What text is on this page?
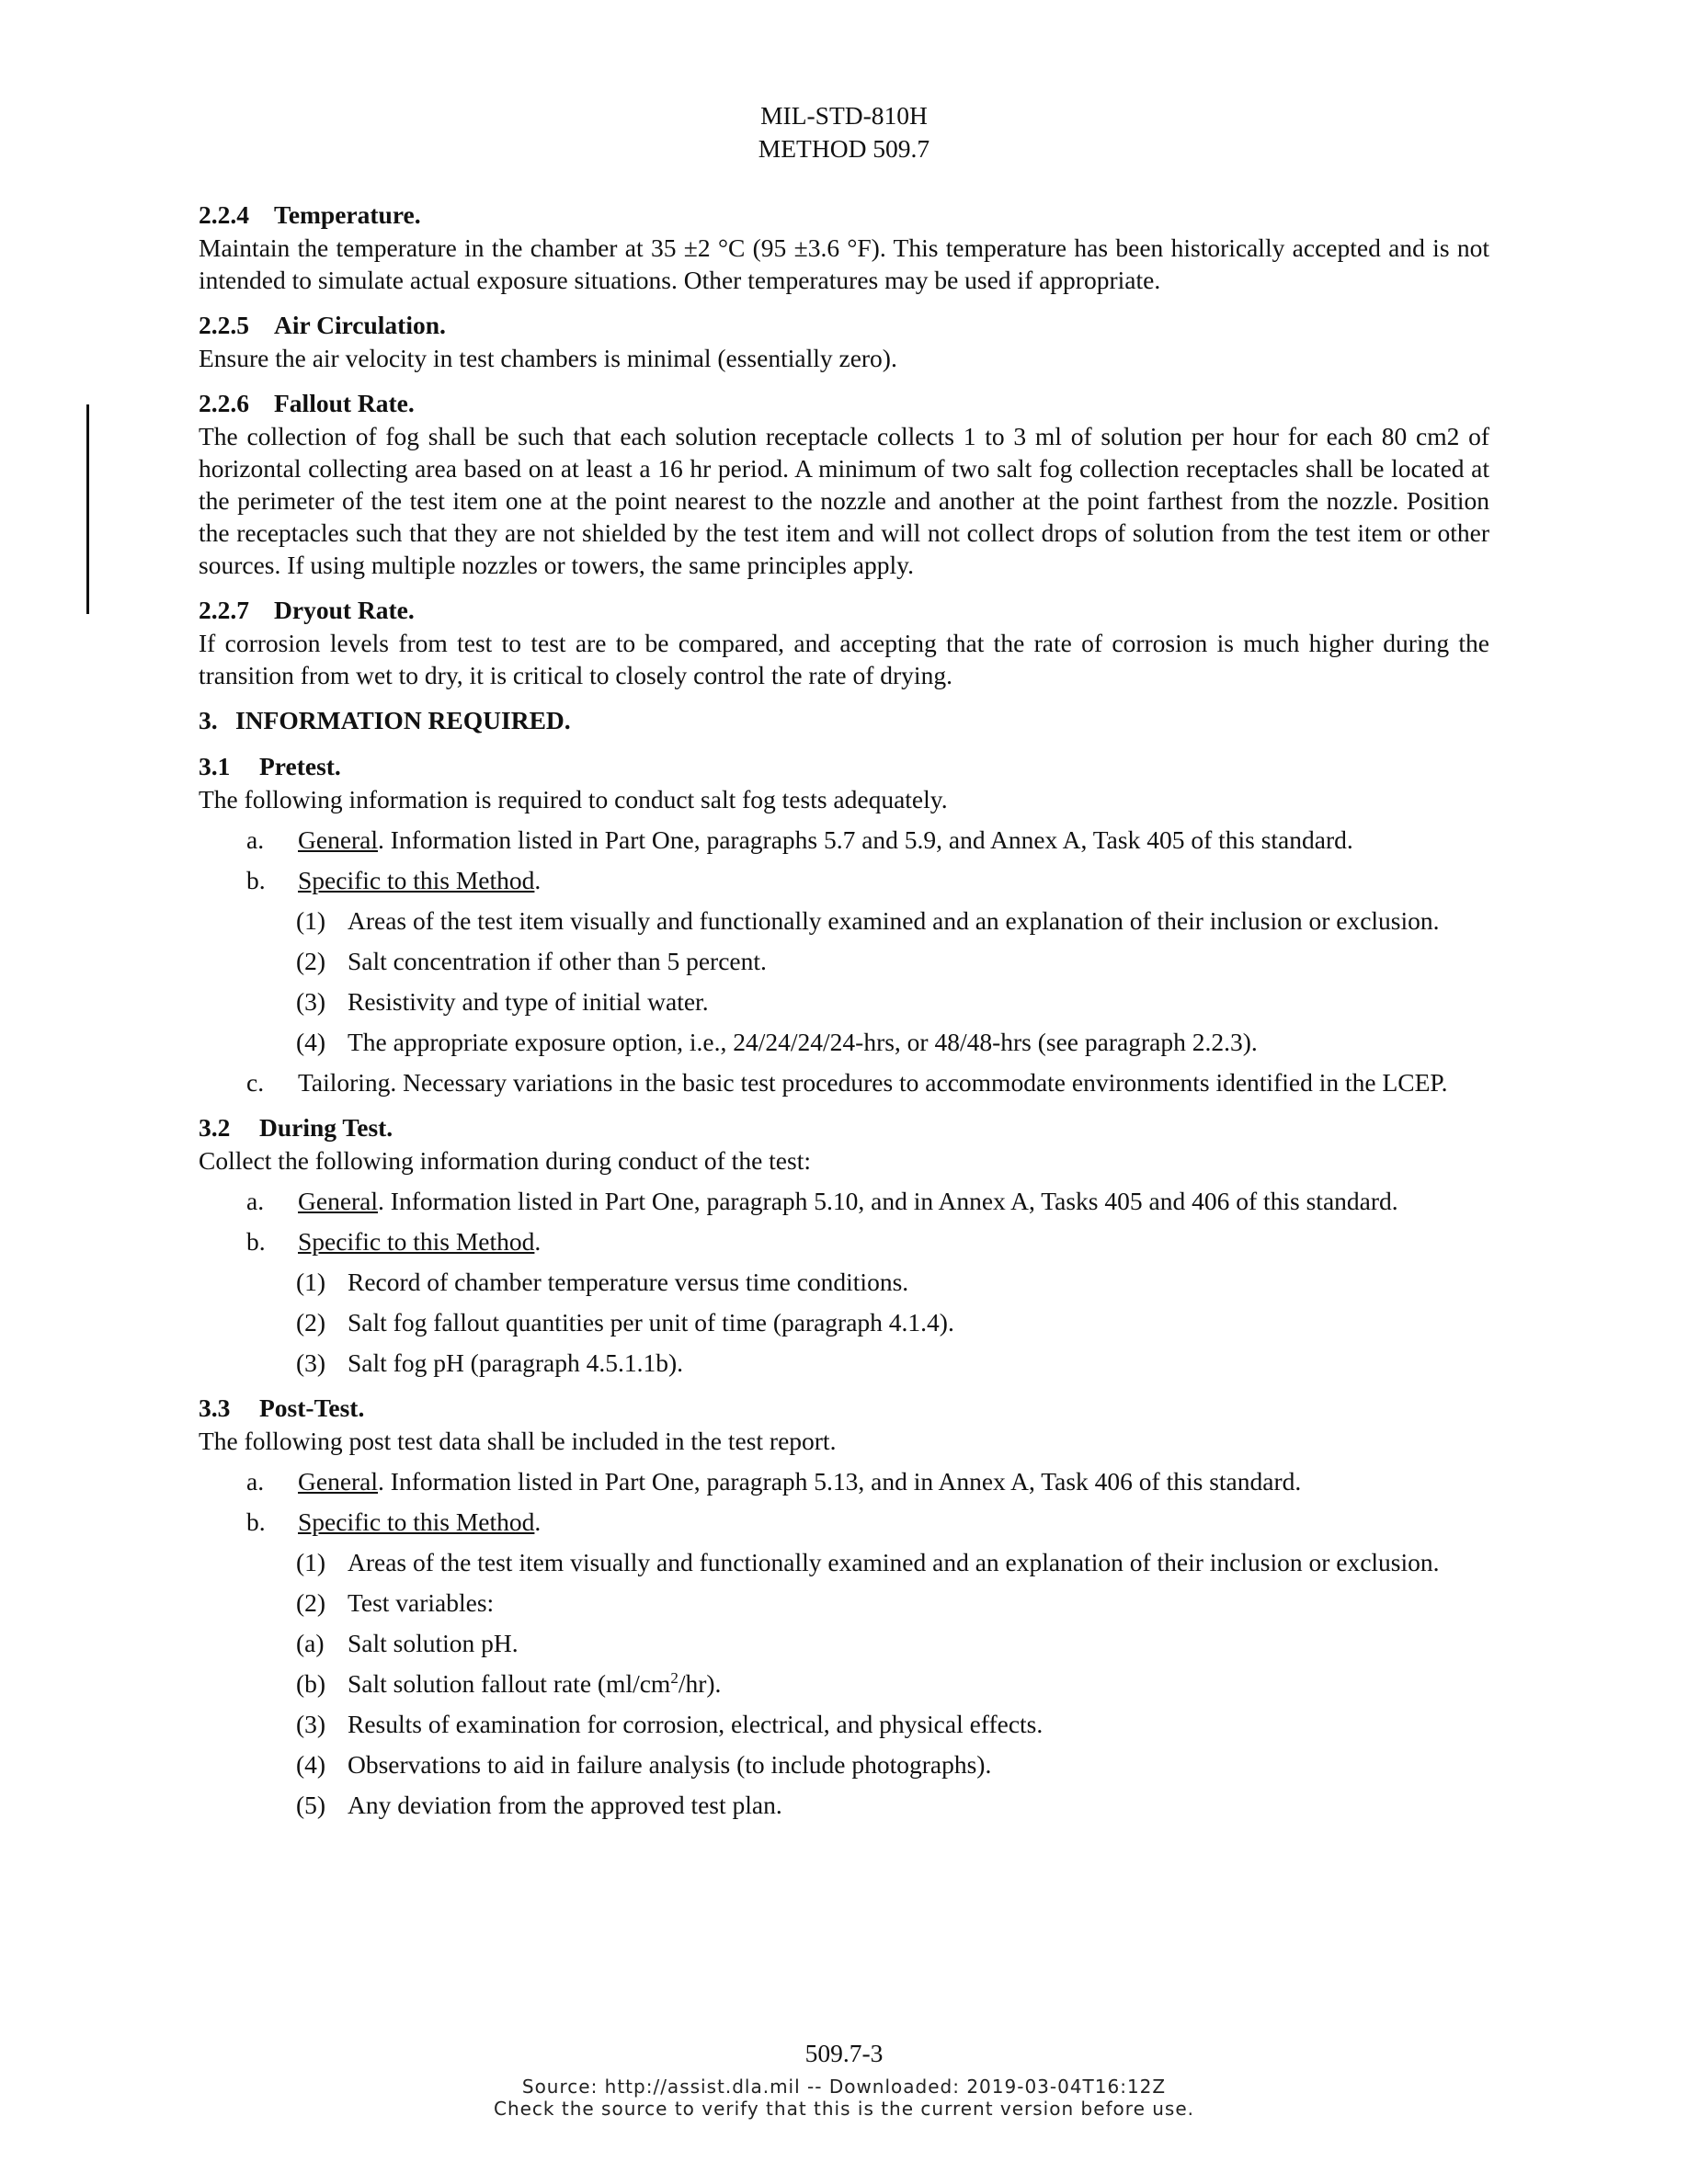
MIL-STD-810H
METHOD 509.7
2.2.4 Temperature.

Maintain the temperature in the chamber at 35 ±2 °C (95 ±3.6 °F). This temperature has been historically accepted and is not intended to simulate actual exposure situations. Other temperatures may be used if appropriate.

2.2.5 Air Circulation.

Ensure the air velocity in test chambers is minimal (essentially zero).

2.2.6 Fallout Rate.

The collection of fog shall be such that each solution receptacle collects 1 to 3 ml of solution per hour for each 80 cm2 of horizontal collecting area based on at least a 16 hr period. A minimum of two salt fog collection receptacles shall be located at the perimeter of the test item one at the point nearest to the nozzle and another at the point farthest from the nozzle. Position the receptacles such that they are not shielded by the test item and will not collect drops of solution from the test item or other sources. If using multiple nozzles or towers, the same principles apply.

2.2.7 Dryout Rate.

If corrosion levels from test to test are to be compared, and accepting that the rate of corrosion is much higher during the transition from wet to dry, it is critical to closely control the rate of drying.

3. INFORMATION REQUIRED.
3.1 Pretest.

The following information is required to conduct salt fog tests adequately.

a. General. Information listed in Part One, paragraphs 5.7 and 5.9, and Annex A, Task 405 of this standard.
b. Specific to this Method.
(1) Areas of the test item visually and functionally examined and an explanation of their inclusion or exclusion.
(2) Salt concentration if other than 5 percent.
(3) Resistivity and type of initial water.
(4) The appropriate exposure option, i.e., 24/24/24/24-hrs, or 48/48-hrs (see paragraph 2.2.3).
c. Tailoring. Necessary variations in the basic test procedures to accommodate environments identified in the LCEP.
3.2 During Test.

Collect the following information during conduct of the test:

a. General. Information listed in Part One, paragraph 5.10, and in Annex A, Tasks 405 and 406 of this standard.
b. Specific to this Method.
(1) Record of chamber temperature versus time conditions.
(2) Salt fog fallout quantities per unit of time (paragraph 4.1.4).
(3) Salt fog pH (paragraph 4.5.1.1b).
3.3 Post-Test.

The following post test data shall be included in the test report.

a. General. Information listed in Part One, paragraph 5.13, and in Annex A, Task 406 of this standard.
b. Specific to this Method.
(1) Areas of the test item visually and functionally examined and an explanation of their inclusion or exclusion.
(2) Test variables:
(a) Salt solution pH.
(b) Salt solution fallout rate $(ml/cm^2/hr)$.
(3) Results of examination for corrosion, electrical, and physical effects.
(4) Observations to aid in failure analysis (to include photographs).
(5) Any deviation from the approved test plan.
509.7-3
Source: http://assist.dla.mil -- Downloaded: 2019-03-04T16:12Z
Check the source to verify that this is the current version before use.
